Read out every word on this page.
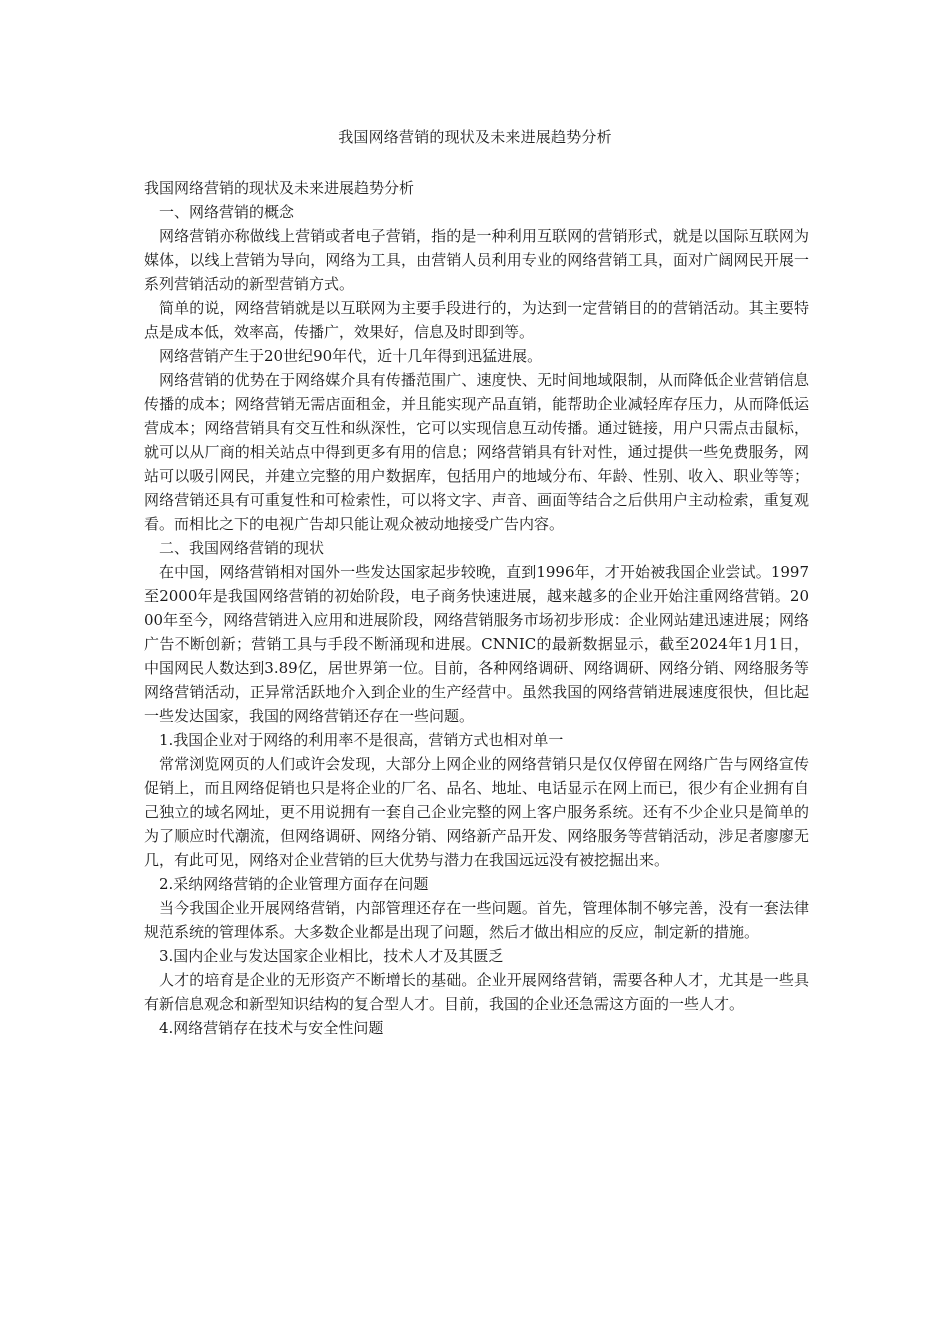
我国网络营销的现状及未来进展趋势分析

我国网络营销的现状及未来进展趋势分析

一、网络营销的概念

网络营销亦称做线上营销或者电子营销，指的是一种利用互联网的营销形式，就是以国际互联网为媒体，以线上营销为导向，网络为工具，由营销人员利用专业的网络营销工具，面对广阔网民开展一系列营销活动的新型营销方式。

简单的说，网络营销就是以互联网为主要手段进行的，为达到一定营销目的的营销活动。其主要特点是成本低，效率高，传播广，效果好，信息及时即到等。

网络营销产生于20世纪90年代，近十几年得到迅猛进展。

网络营销的优势在于网络媒介具有传播范围广、速度快、无时间地域限制，从而降低企业营销信息传播的成本；网络营销无需店面租金，并且能实现产品直销，能帮助企业减轻库存压力，从而降低运营成本；网络营销具有交互性和纵深性，它可以实现信息互动传播。通过链接，用户只需点击鼠标，就可以从厂商的相关站点中得到更多有用的信息；网络营销具有针对性，通过提供一些免费服务，网站可以吸引网民，并建立完整的用户数据库，包括用户的地域分布、年龄、性别、收入、职业等等；网络营销还具有可重复性和可检索性，可以将文字、声音、画面等结合之后供用户主动检索，重复观看。而相比之下的电视广告却只能让观众被动地接受广告内容。

二、我国网络营销的现状

在中国，网络营销相对国外一些发达国家起步较晚，直到1996年，才开始被我国企业尝试。1997至2000年是我国网络营销的初始阶段，电子商务快速进展，越来越多的企业开始注重网络营销。2000年至今，网络营销进入应用和进展阶段，网络营销服务市场初步形成：企业网站建迅速进展；网络广告不断创新；营销工具与手段不断涌现和进展。CNNIC的最新数据显示，截至2024年1月1日，中国网民人数达到3.89亿，居世界第一位。目前，各种网络调研、网络调研、网络分销、网络服务等网络营销活动，正异常活跃地介入到企业的生产经营中。虽然我国的网络营销进展速度很快，但比起一些发达国家，我国的网络营销还存在一些问题。

1.我国企业对于网络的利用率不是很高，营销方式也相对单一

常常浏览网页的人们或许会发现，大部分上网企业的网络营销只是仅仅停留在网络广告与网络宣传促销上，而且网络促销也只是将企业的厂名、品名、地址、电话显示在网上而已，很少有企业拥有自己独立的域名网址，更不用说拥有一套自己企业完整的网上客户服务系统。还有不少企业只是简单的为了顺应时代潮流，但网络调研、网络分销、网络新产品开发、网络服务等营销活动，涉足者廖廖无几，有此可见，网络对企业营销的巨大优势与潜力在我国远远没有被挖掘出来。

2.采纳网络营销的企业管理方面存在问题

当今我国企业开展网络营销，内部管理还存在一些问题。首先，管理体制不够完善，没有一套法律规范系统的管理体系。大多数企业都是出现了问题，然后才做出相应的反应，制定新的措施。

3.国内企业与发达国家企业相比，技术人才及其匮乏

人才的培育是企业的无形资产不断增长的基础。企业开展网络营销，需要各种人才，尤其是一些具有新信息观念和新型知识结构的复合型人才。目前，我国的企业还急需这方面的一些人才。

4.网络营销存在技术与安全性问题
